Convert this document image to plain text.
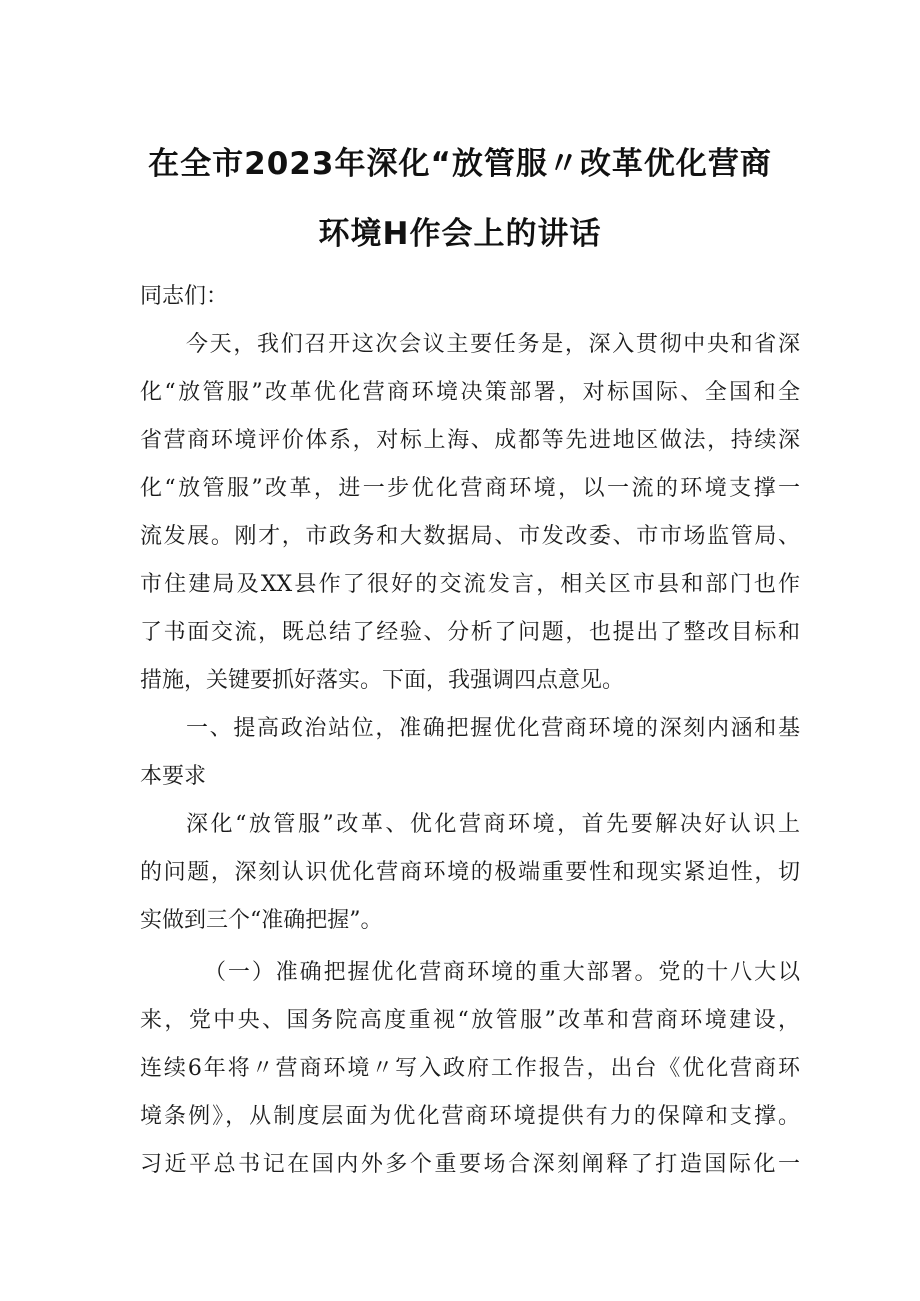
在全市2023年深化“放管服〃改革优化营商
环境H作会上的讲话
同志们：
今天，我们召开这次会议主要任务是，深入贯彻中央和省深
化“放管服”改革优化营商环境决策部署，对标国际、全国和全
省营商环境评价体系，对标上海、成都等先进地区做法，持续深
化“放管服”改革，进一步优化营商环境，以一流的环境支撑一
流发展。刚才，市政务和大数据局、市发改委、市市场监管局、
市住建局及XX县作了很好的交流发言，相关区市县和部门也作
了书面交流，既总结了经验、分析了问题，也提出了整改目标和
措施，关键要抓好落实。下面，我强调四点意见。
一、提高政治站位，准确把握优化营商环境的深刻内涵和基
本要求
深化“放管服”改革、优化营商环境，首先要解决好认识上
的问题，深刻认识优化营商环境的极端重要性和现实紧迫性，切
实做到三个“准确把握”。
（一）准确把握优化营商环境的重大部署。党的十八大以
来，党中央、国务院高度重视“放管服”改革和营商环境建设，
连续6年将〃营商环境〃写入政府工作报告，出台《优化营商环
境条例》，从制度层面为优化营商环境提供有力的保障和支撑。
习近平总书记在国内外多个重要场合深刻阐释了打造国际化一
